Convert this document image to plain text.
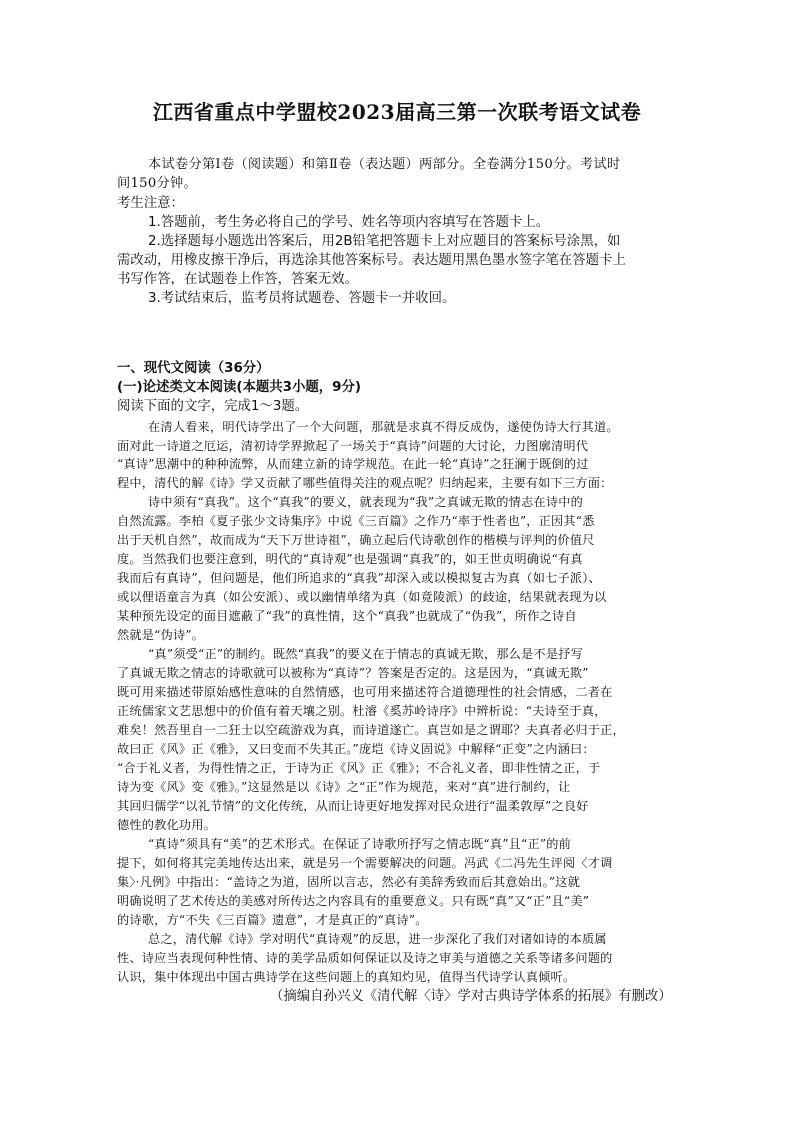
江西省重点中学盟校2023届高三第一次联考语文试卷
本试卷分第Ⅰ卷（阅读题）和第Ⅱ卷（表达题）两部分。全卷满分150分。考试时
间150分钟。
考生注意：
1.答题前，考生务必将自己的学号、姓名等项内容填写在答题卡上。
2.选择题每小题选出答案后，用2B铅笔把答题卡上对应题目的答案标号涂黑，如
需改动，用橡皮擦干净后，再选涂其他答案标号。表达题用黑色墨水签字笔在答题卡上
书写作答，在试题卷上作答，答案无效。
3.考试结束后，监考员将试题卷、答题卡一并收回。
一、现代文阅读（36分）
(一)论述类文本阅读(本题共3小题，9分)
阅读下面的文字，完成1～3题。
在清人看来，明代诗学出了一个大问题，那就是求真不得反成伪，遂使伪诗大行其道。
面对此一诗道之厄运，清初诗学界掀起了一场关于“真诗”问题的大讨论，力图廓清明代
“真诗”思潮中的种种流弊，从而建立新的诗学规范。在此一轮“真诗”之狂澜于既倒的过
程中，清代的解《诗》学又贡献了哪些值得关注的观点呢？归纳起来，主要有如下三方面：
诗中须有“真我”。这个“真我”的要义，就表现为“我”之真诚无欺的情志在诗中的
自然流露。李柏《夏子张少文诗集序》中说《三百篇》之作乃“率于性者也”，正因其“悉
出于天机自然”，故而成为“天下万世诗祖”，确立起后代诗歌创作的楷模与评判的价值尺
度。当然我们也要注意到，明代的“真诗观”也是强调“真我”的，如王世贞明确说“有真
我而后有真诗”，但问题是，他们所追求的“真我”却深入或以模拟复古为真（如七子派）、
或以俚语童言为真（如公安派）、或以幽情单绪为真（如竟陵派）的歧途，结果就表现为以
某种预先设定的面目遮蔽了“我”的真性情，这个“真我”也就成了“伪我”，所作之诗自
然就是“伪诗”。
“真”须受“正”的制约。既然“真我”的要义在于情志的真诚无欺，那么是不是抒写
了真诚无欺之情志的诗歌就可以被称为“真诗”？答案是否定的。这是因为，“真诚无欺”
既可用来描述带原始感性意味的自然情感，也可用来描述符合道德理性的社会情感，二者在
正统儒家文艺思想中的价值有着天壤之别。杜濬《奚苏岭诗序》中辨析说：“夫诗至于真，
难矣！然吾里自一二狂士以空疏游戏为真，而诗道遂亡。真岂如是之谓耶？夫真者必归于正，
故曰正《风》正《雅》，又曰变而不失其正。”庞垲《诗义固说》中解释“正变”之内涵曰：
“合于礼义者，为得性情之正，于诗为正《风》正《雅》；不合礼义者，即非性情之正，于
诗为变《风》变《雅》。”这显然是以《诗》之“正”作为规范，来对“真”进行制约，让
其回归儒学“以礼节情”的文化传统，从而让诗更好地发挥对民众进行“温柔敦厚”之良好
德性的教化功用。
“真诗”须具有“美”的艺术形式。在保证了诗歌所抒写之情志既“真”且“正”的前
提下，如何将其完美地传达出来，就是另一个需要解决的问题。冯武《二冯先生评阅〈才调
集〉·凡例》中指出：“盖诗之为道，固所以言志，然必有美辞秀致而后其意始出。”这就
明确说明了艺术传达的美感对所传达之内容具有的重要意义。只有既“真”又“正”且“美”
的诗歌，方“不失《三百篇》遗意”，才是真正的“真诗”。
总之，清代解《诗》学对明代“真诗观”的反思，进一步深化了我们对诸如诗的本质属
性、诗应当表现何种性情、诗的美学品质如何保证以及诗之审美与道德之关系等诸多问题的
认识，集中体现出中国古典诗学在这些问题上的真知灼见，值得当代诗学认真倾听。
（摘编自孙兴义《清代解〈诗〉学对古典诗学体系的拓展》有删改）
